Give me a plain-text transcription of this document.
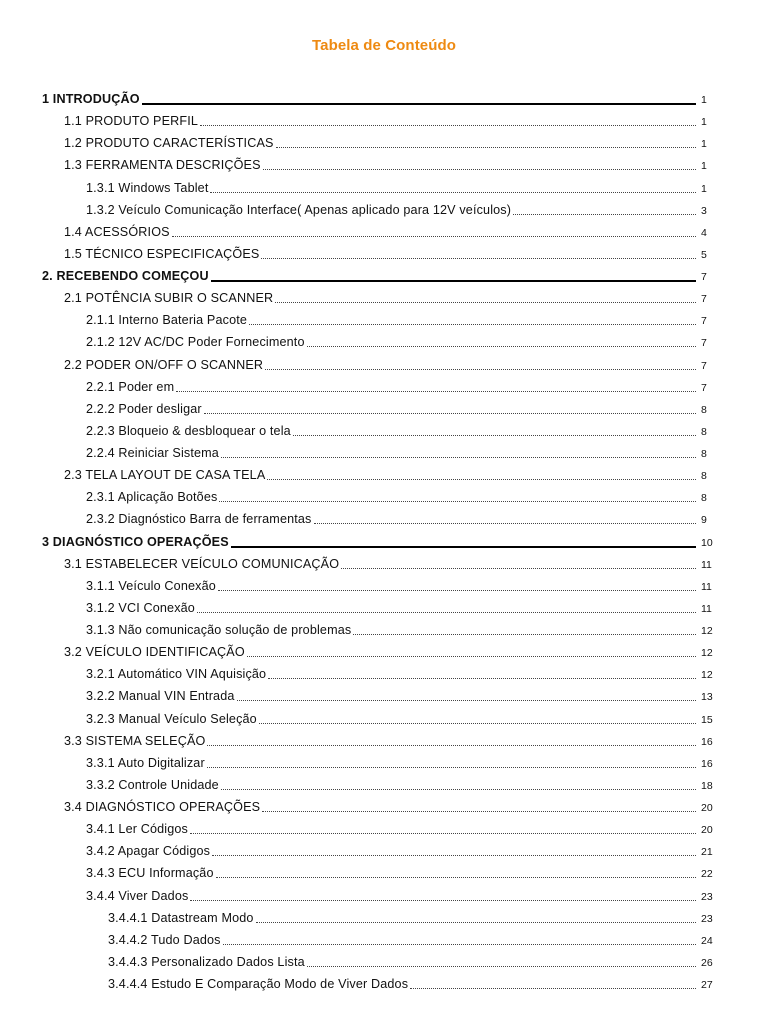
Tabela de Conteúdo
1 INTRODUÇÃO	1
1.1 PRODUTO PERFIL	1
1.2 PRODUTO CARACTERÍSTICAS	1
1.3 FERRAMENTA DESCRIÇÕES	1
1.3.1 Windows Tablet	1
1.3.2 Veículo Comunicação Interface( Apenas aplicado para 12V veículos)	3
1.4 ACESSÓRIOS	4
1.5 TÉCNICO ESPECIFICAÇÕES	5
2. RECEBENDO COMEÇOU	7
2.1 POTÊNCIA SUBIR O SCANNER	7
2.1.1 Interno Bateria Pacote	7
2.1.2 12V AC/DC Poder Fornecimento	7
2.2 PODER ON/OFF O SCANNER	7
2.2.1 Poder em	7
2.2.2 Poder desligar	8
2.2.3 Bloqueio & desbloquear o tela	8
2.2.4 Reiniciar Sistema	8
2.3 TELA LAYOUT DE CASA TELA	8
2.3.1 Aplicação Botões	8
2.3.2 Diagnóstico Barra de ferramentas	9
3 DIAGNÓSTICO OPERAÇÕES	10
3.1 ESTABELECER VEÍCULO COMUNICAÇÃO	11
3.1.1 Veículo Conexão	11
3.1.2 VCI Conexão	11
3.1.3 Não comunicação solução de problemas	12
3.2 VEÍCULO IDENTIFICAÇÃO	12
3.2.1 Automático VIN Aquisição	12
3.2.2 Manual VIN Entrada	13
3.2.3 Manual Veículo Seleção	15
3.3 SISTEMA SELEÇÃO	16
3.3.1 Auto Digitalizar	16
3.3.2 Controle Unidade	18
3.4 DIAGNÓSTICO OPERAÇÕES	20
3.4.1 Ler Códigos	20
3.4.2 Apagar Códigos	21
3.4.3 ECU Informação	22
3.4.4 Viver Dados	23
3.4.4.1 Datastream Modo	23
3.4.4.2 Tudo Dados	24
3.4.4.3 Personalizado Dados Lista	26
3.4.4.4 Estudo E Comparação Modo de Viver Dados	27
